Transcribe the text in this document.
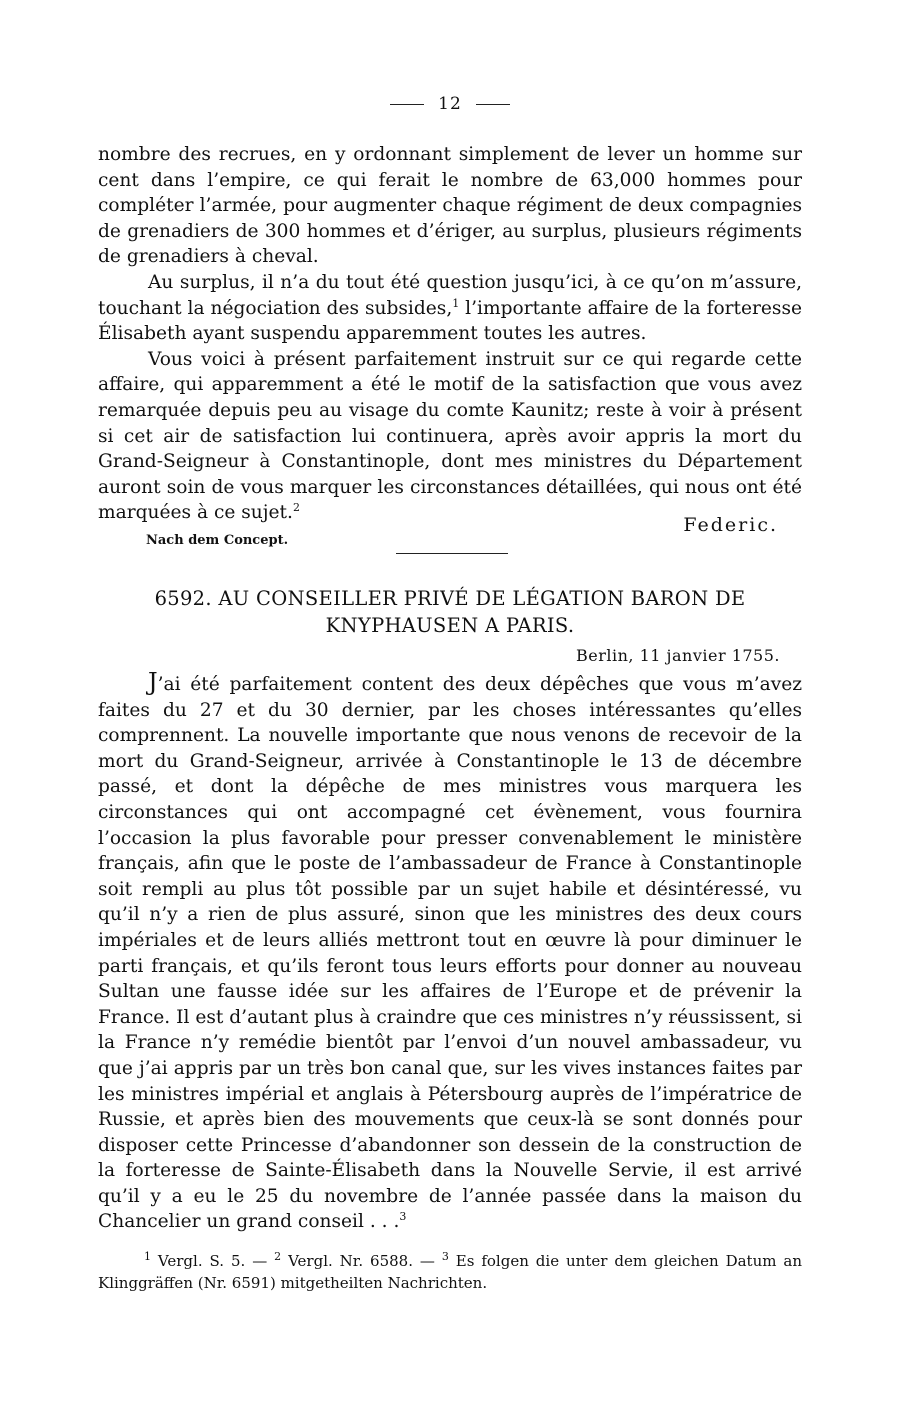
12

nombre des recrues, en y ordonnant simplement de lever un homme sur cent dans l’empire, ce qui ferait le nombre de 63,000 hommes pour compléter l’armée, pour augmenter chaque régiment de deux compagnies de grenadiers de 300 hommes et d’ériger, au surplus, plusieurs régiments de grenadiers à cheval.

Au surplus, il n’a du tout été question jusqu’ici, à ce qu’on m’assure, touchant la négociation des subsides,$^1$ l’importante affaire de la forteresse Élisabeth ayant suspendu apparemment toutes les autres.

Vous voici à présent parfaitement instruit sur ce qui regarde cette affaire, qui apparemment a été le motif de la satisfaction que vous avez remarquée depuis peu au visage du comte Kaunitz; reste à voir à présent si cet air de satisfaction lui continuera, après avoir appris la mort du Grand-Seigneur à Constantinople, dont mes ministres du Département auront soin de vous marquer les circonstances détaillées, qui nous ont été marquées à ce sujet.$^2$

Federic.
Nach dem Concept.
6592. AU CONSEILLER PRIVÉ DE LÉGATION BARON DE
KNYPHAUSEN A PARIS.
Berlin, 11 janvier 1755.

J’ai été parfaitement content des deux dépêches que vous m’avez faites du 27 et du 30 dernier, par les choses intéressantes qu’elles comprennent. La nouvelle importante que nous venons de recevoir de la mort du Grand-Seigneur, arrivée à Constantinople le 13 de décembre passé, et dont la dépêche de mes ministres vous marquera les circonstances qui ont accompagné cet évènement, vous fournira l’occasion la plus favorable pour presser convenablement le ministère français, afin que le poste de l’ambassadeur de France à Constantinople soit rempli au plus tôt possible par un sujet habile et désintéressé, vu qu’il n’y a rien de plus assuré, sinon que les ministres des deux cours impériales et de leurs alliés mettront tout en œuvre là pour diminuer le parti français, et qu’ils feront tous leurs efforts pour donner au nouveau Sultan une fausse idée sur les affaires de l’Europe et de prévenir la France. Il est d’autant plus à craindre que ces ministres n’y réussissent, si la France n’y remédie bientôt par l’envoi d’un nouvel ambassadeur, vu que j’ai appris par un très bon canal que, sur les vives instances faites par les ministres impérial et anglais à Pétersbourg auprès de l’impératrice de Russie, et après bien des mouvements que ceux-là se sont donnés pour disposer cette Princesse d’abandonner son dessein de la construction de la forteresse de Sainte-Élisabeth dans la Nouvelle Servie, il est arrivé qu’il y a eu le 25 du novembre de l’année passée dans la maison du Chancelier un grand conseil . . .$^3$

$^1$ Vergl. S. 5. — $^2$ Vergl. Nr. 6588. — $^3$ Es folgen die unter dem gleichen Datum an Klinggräffen (Nr. 6591) mitgetheilten Nachrichten.
